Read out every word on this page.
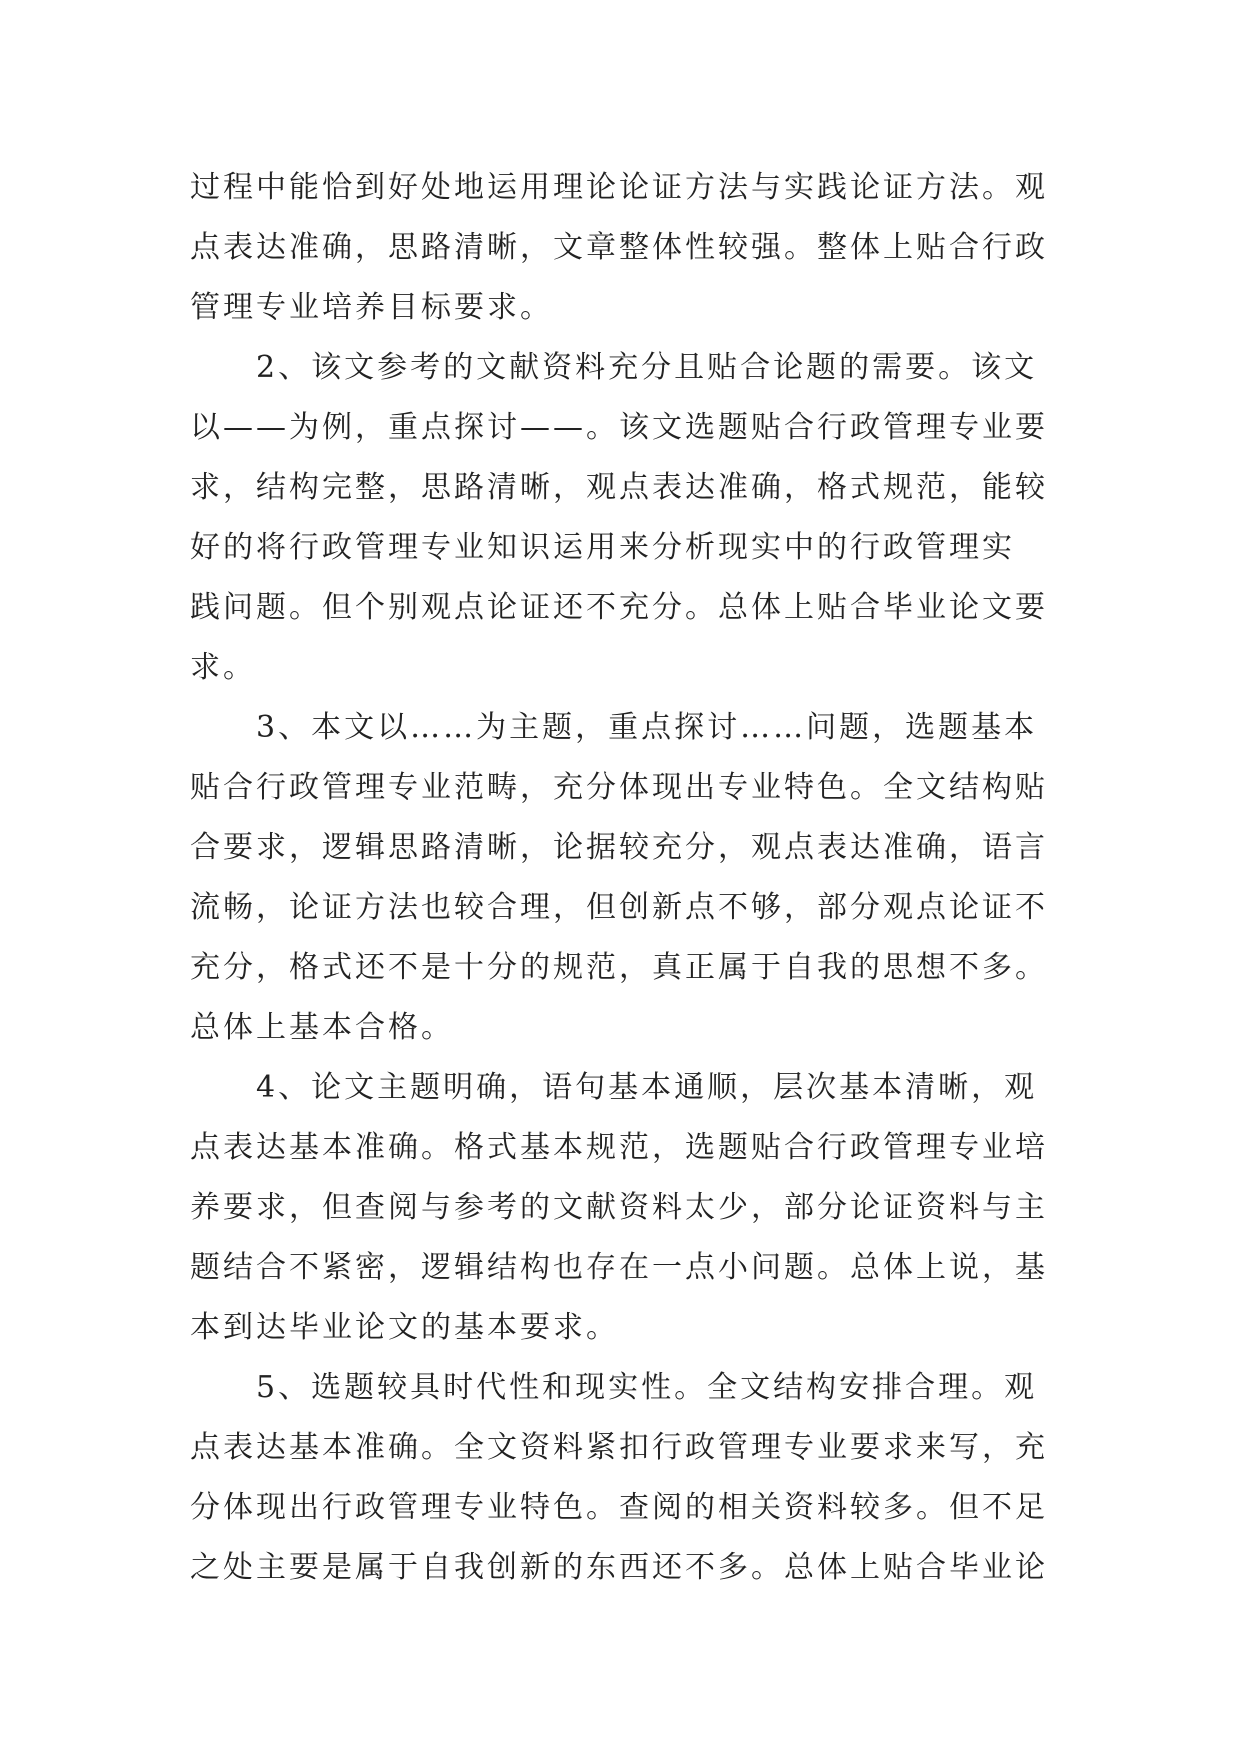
过程中能恰到好处地运用理论论证方法与实践论证方法。观
点表达准确，思路清晰，文章整体性较强。整体上贴合行政
管理专业培养目标要求。
2、该文参考的文献资料充分且贴合论题的需要。该文
以——为例，重点探讨——。该文选题贴合行政管理专业要
求，结构完整，思路清晰，观点表达准确，格式规范，能较
好的将行政管理专业知识运用来分析现实中的行政管理实
践问题。但个别观点论证还不充分。总体上贴合毕业论文要
求。
3、本文以……为主题，重点探讨……问题，选题基本
贴合行政管理专业范畴，充分体现出专业特色。全文结构贴
合要求，逻辑思路清晰，论据较充分，观点表达准确，语言
流畅，论证方法也较合理，但创新点不够，部分观点论证不
充分，格式还不是十分的规范，真正属于自我的思想不多。
总体上基本合格。
4、论文主题明确，语句基本通顺，层次基本清晰，观
点表达基本准确。格式基本规范，选题贴合行政管理专业培
养要求，但查阅与参考的文献资料太少，部分论证资料与主
题结合不紧密，逻辑结构也存在一点小问题。总体上说，基
本到达毕业论文的基本要求。
5、选题较具时代性和现实性。全文结构安排合理。观
点表达基本准确。全文资料紧扣行政管理专业要求来写，充
分体现出行政管理专业特色。查阅的相关资料较多。但不足
之处主要是属于自我创新的东西还不多。总体上贴合毕业论
